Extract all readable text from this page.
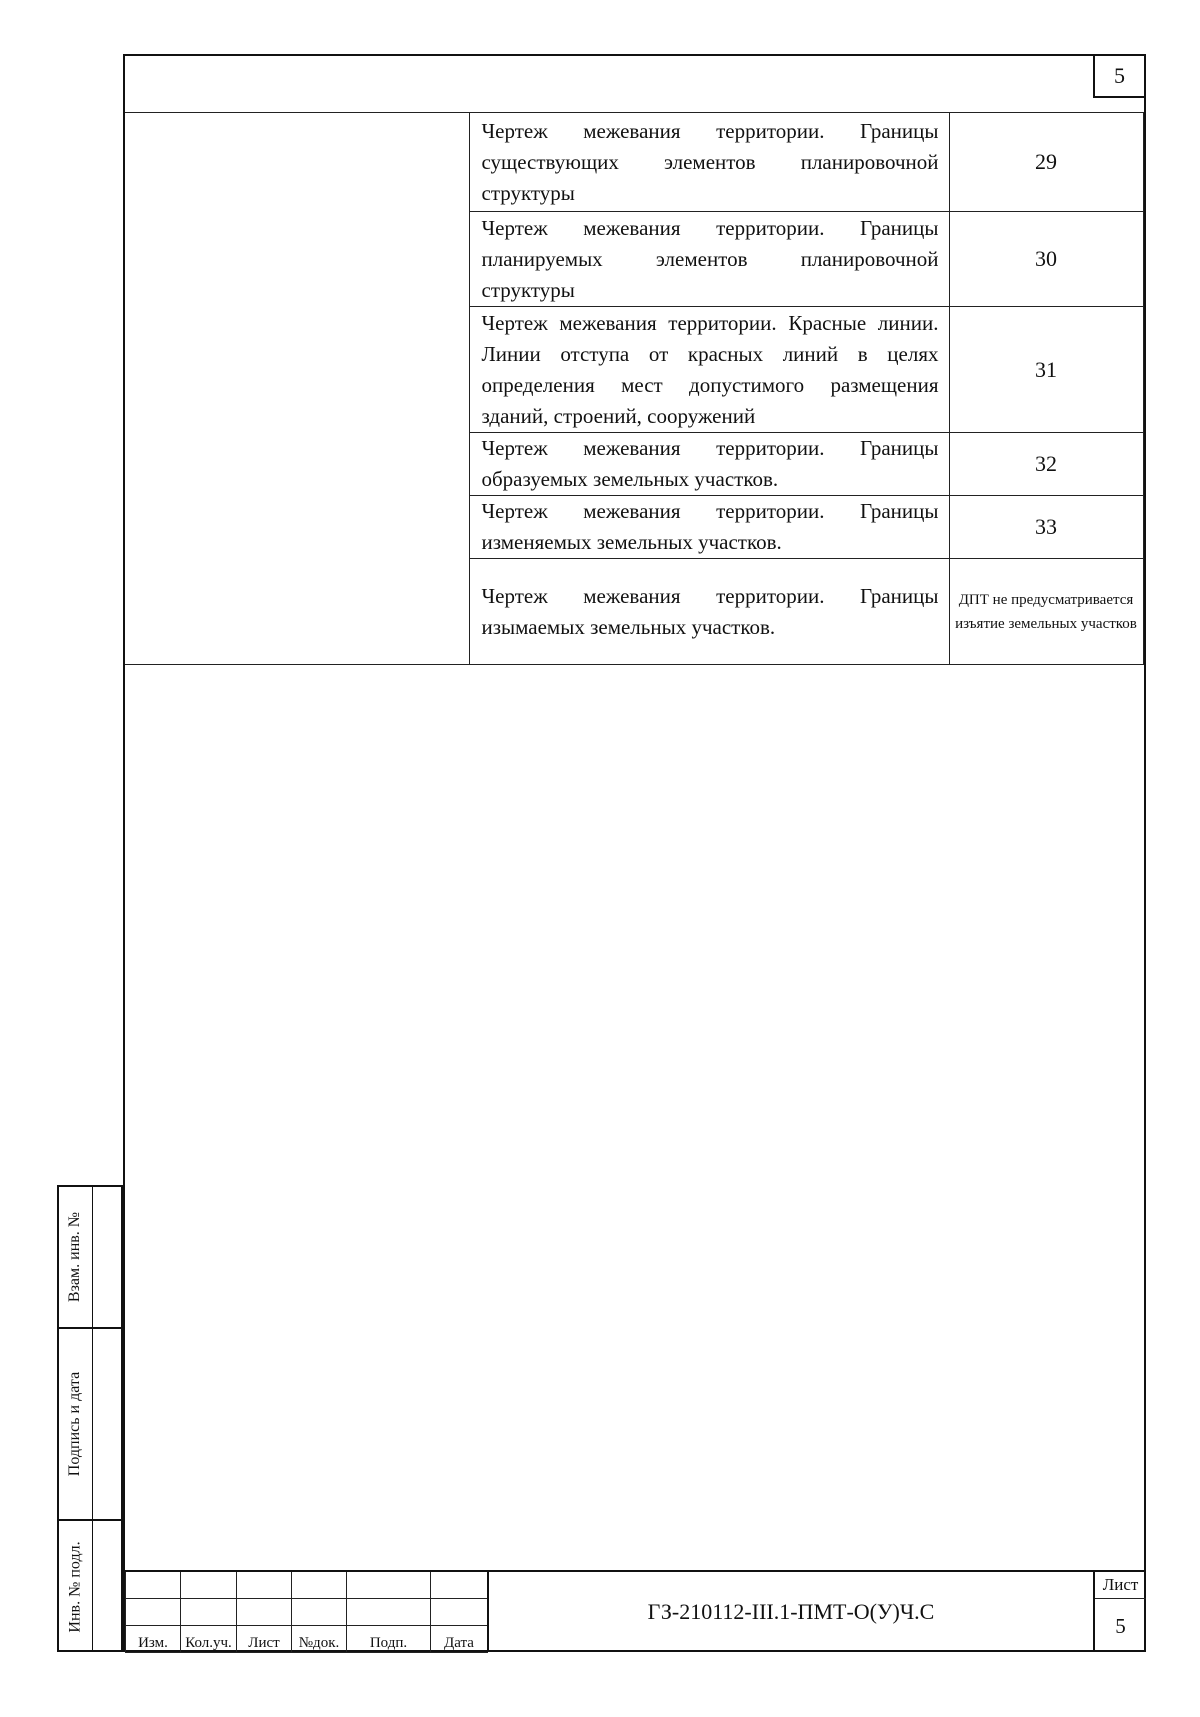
5
	Чертеж межевания территории. Границы существующих элементов планировочной структуры	29
	Чертеж межевания территории. Границы планируемых элементов планировочной структуры	30
	Чертеж межевания территории. Красные линии. Линии отступа от красных линий в целях определения мест допустимого размещения зданий, строений, сооружений	31
	Чертеж межевания территории. Границы образуемых земельных участков.	32
	Чертеж межевания территории. Границы изменяемых земельных участков.	33
	Чертеж межевания территории. Границы изымаемых земельных участков.	ДПТ не предусматривается изъятие земельных участков
Взам. инв. №
Подпись и дата
Инв. № подл.

Изм.	Кол.уч.	Лист	№док.	Подп.	Дата
ГЗ-210112-III.1-ПМТ-О(У)Ч.С
Лист
5
